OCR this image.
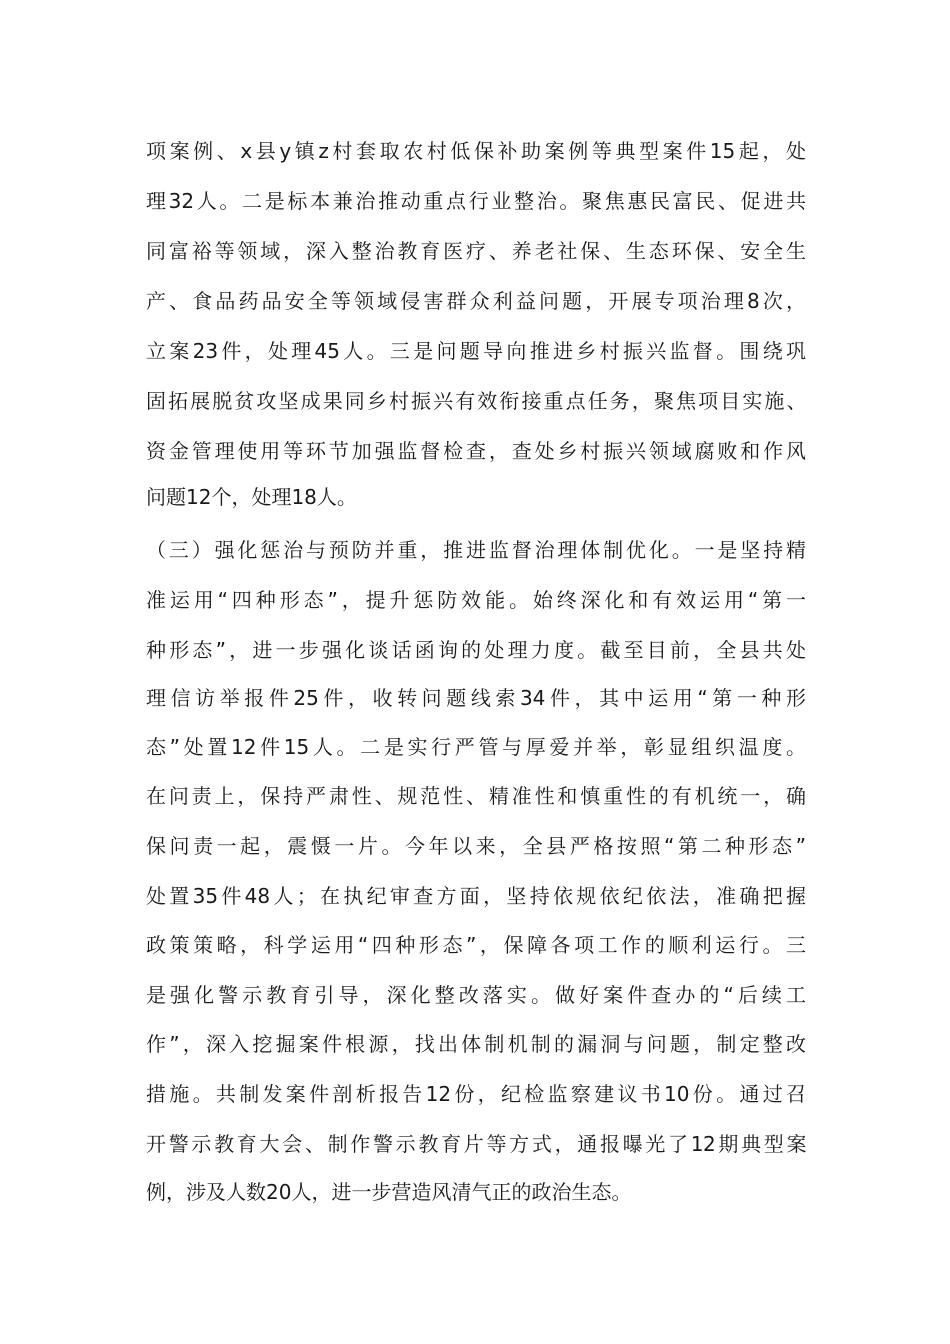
项案例、x县y镇z村套取农村低保补助案例等典型案件15起，处
理32人。二是标本兼治推动重点行业整治。聚焦惠民富民、促进共
同富裕等领域，深入整治教育医疗、养老社保、生态环保、安全生
产、食品药品安全等领域侵害群众利益问题，开展专项治理8次，
立案23件，处理45人。三是问题导向推进乡村振兴监督。围绕巩
固拓展脱贫攻坚成果同乡村振兴有效衔接重点任务，聚焦项目实施、
资金管理使用等环节加强监督检查，查处乡村振兴领域腐败和作风
问题12个，处理18人。
（三）强化惩治与预防并重，推进监督治理体制优化。一是坚持精
准运用“四种形态”，提升惩防效能。始终深化和有效运用“第一
种形态”，进一步强化谈话函询的处理力度。截至目前，全县共处
理信访举报件25件，收转问题线索34件，其中运用“第一种形
态”处置12件15人。二是实行严管与厚爱并举，彰显组织温度。
在问责上，保持严肃性、规范性、精准性和慎重性的有机统一，确
保问责一起，震慑一片。今年以来，全县严格按照“第二种形态”
处置35件48人；在执纪审查方面，坚持依规依纪依法，准确把握
政策策略，科学运用“四种形态”，保障各项工作的顺利运行。三
是强化警示教育引导，深化整改落实。做好案件查办的“后续工
作”，深入挖掘案件根源，找出体制机制的漏洞与问题，制定整改
措施。共制发案件剖析报告12份，纪检监察建议书10份。通过召
开警示教育大会、制作警示教育片等方式，通报曝光了12期典型案
例，涉及人数20人，进一步营造风清气正的政治生态。
